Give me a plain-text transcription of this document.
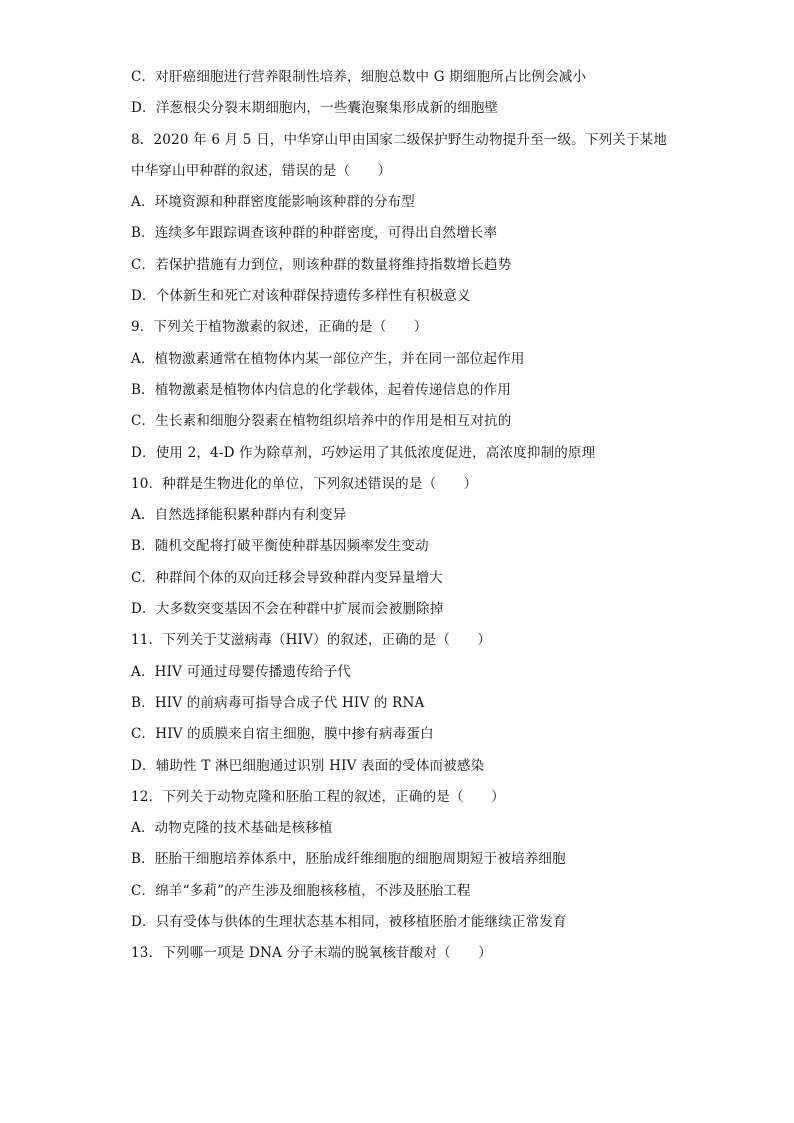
C．对肝癌细胞进行营养限制性培养，细胞总数中 G 期细胞所占比例会减小
D．洋葱根尖分裂末期细胞内，一些囊泡聚集形成新的细胞壁
8．2020 年 6 月 5 日，中华穿山甲由国家二级保护野生动物提升至一级。下列关于某地
中华穿山甲种群的叙述，错误的是（　　）
A．环境资源和种群密度能影响该种群的分布型
B．连续多年跟踪调查该种群的种群密度，可得出自然增长率
C．若保护措施有力到位，则该种群的数量将维持指数增长趋势
D．个体新生和死亡对该种群保持遗传多样性有积极意义
9．下列关于植物激素的叙述，正确的是（　　）
A．植物激素通常在植物体内某一部位产生，并在同一部位起作用
B．植物激素是植物体内信息的化学载体，起着传递信息的作用
C．生长素和细胞分裂素在植物组织培养中的作用是相互对抗的
D．使用 2，4-D 作为除草剂，巧妙运用了其低浓度促进，高浓度抑制的原理
10．种群是生物进化的单位，下列叙述错误的是（　　）
A．自然选择能积累种群内有利变异
B．随机交配将打破平衡使种群基因频率发生变动
C．种群间个体的双向迁移会导致种群内变异量增大
D．大多数突变基因不会在种群中扩展而会被删除掉
11．下列关于艾滋病毒（HIV）的叙述，正确的是（　　）
A．HIV 可通过母婴传播遗传给子代
B．HIV 的前病毒可指导合成子代 HIV 的 RNA
C．HIV 的质膜来自宿主细胞，膜中掺有病毒蛋白
D．辅助性 T 淋巴细胞通过识别 HIV 表面的受体而被感染
12．下列关于动物克隆和胚胎工程的叙述，正确的是（　　）
A．动物克隆的技术基础是核移植
B．胚胎干细胞培养体系中，胚胎成纤维细胞的细胞周期短于被培养细胞
C．绵羊“多莉”的产生涉及细胞核移植，不涉及胚胎工程
D．只有受体与供体的生理状态基本相同，被移植胚胎才能继续正常发育
13．下列哪一项是 DNA 分子末端的脱氧核苷酸对（　　）
